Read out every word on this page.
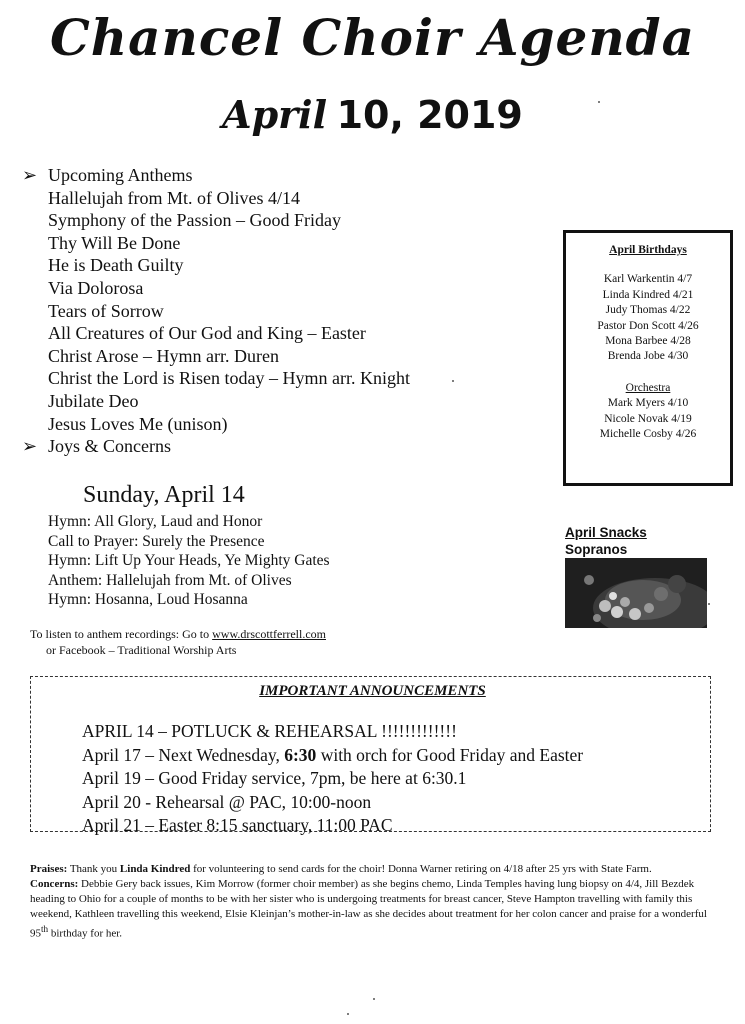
Chancel Choir Agenda
April 10, 2019
➢ Upcoming Anthems
Hallelujah from Mt. of Olives 4/14
Symphony of the Passion – Good Friday
Thy Will Be Done
He is Death Guilty
Via Dolorosa
Tears of Sorrow
All Creatures of Our God and King – Easter
Christ Arose – Hymn arr. Duren
Christ the Lord is Risen today – Hymn arr. Knight
Jubilate Deo
Jesus Loves Me (unison)
➢ Joys & Concerns
April Birthdays
Karl Warkentin 4/7
Linda Kindred 4/21
Judy Thomas 4/22
Pastor Don Scott 4/26
Mona Barbee 4/28
Brenda Jobe 4/30
Orchestra
Mark Myers 4/10
Nicole Novak 4/19
Michelle Cosby 4/26
April Snacks
Sopranos
Sunday, April 14
Hymn: All Glory, Laud and Honor
Call to Prayer: Surely the Presence
Hymn: Lift Up Your Heads, Ye Mighty Gates
Anthem: Hallelujah from Mt. of Olives
Hymn: Hosanna, Loud Hosanna
To listen to anthem recordings: Go to www.drscottferrell.com
or Facebook – Traditional Worship Arts
IMPORTANT ANNOUNCEMENTS
APRIL 14 – POTLUCK & REHEARSAL !!!!!!!!!!!!!
April 17 – Next Wednesday, 6:30 with orch for Good Friday and Easter
April 19 – Good Friday service, 7pm, be here at 6:30.1
April 20 - Rehearsal @ PAC, 10:00-noon
April 21 – Easter 8:15 sanctuary, 11:00 PAC
Praises: Thank you Linda Kindred for volunteering to send cards for the choir! Donna Warner retiring on 4/18 after 25 yrs with State Farm.
Concerns: Debbie Gery back issues, Kim Morrow (former choir member) as she begins chemo, Linda Temples having lung biopsy on 4/4, Jill Bezdek heading to Ohio for a couple of months to be with her sister who is undergoing treatments for breast cancer, Steve Hampton travelling with family this weekend, Kathleen travelling this weekend, Elsie Kleinjan’s mother-in-law as she decides about treatment for her colon cancer and praise for a wonderful 95th birthday for her.
